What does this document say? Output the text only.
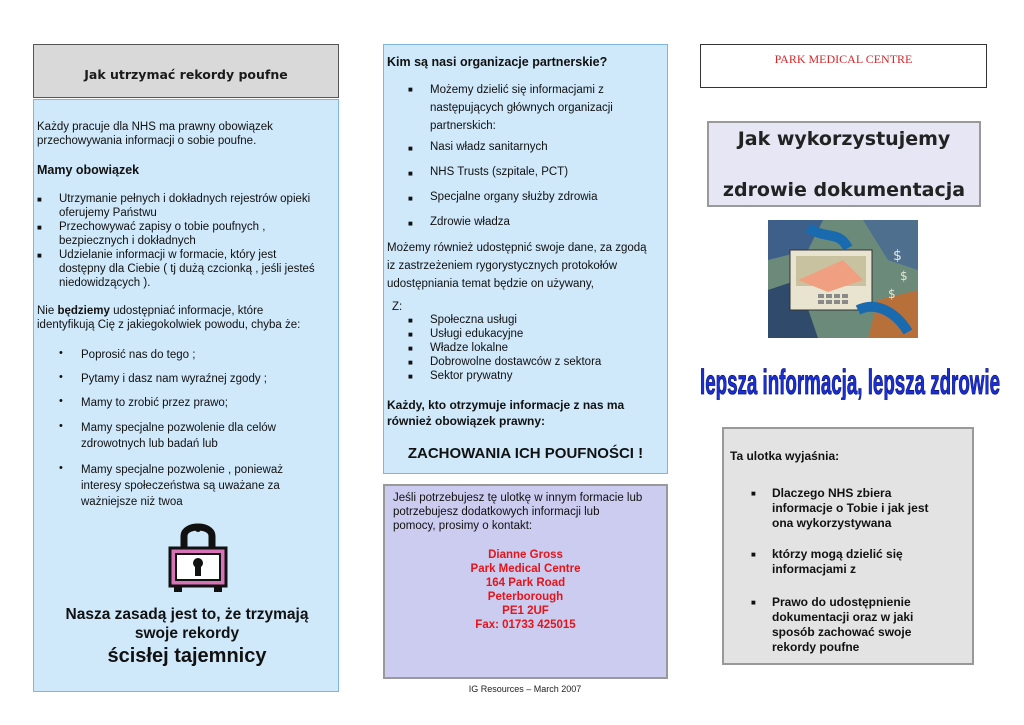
Jak utrzymać rekordy poufne
Każdy pracuje dla NHS ma prawny obowiązek
przechowywania informacji o sobie poufne.
Mamy obowiązek
■ Utrzymanie pełnych i dokładnych rejestrów opieki
oferujemy Państwu
■ Przechowywać zapisy o tobie poufnych ,
bezpiecznych i dokładnych
■ Udzielanie informacji w formacie, który jest
dostępny dla Ciebie ( tj dużą czcionką , jeśli jesteś
niedowidzących ).
Nie będziemy udostępniać informacje, które
identyfikują Cię z jakiegokolwiek powodu, chyba że:
• Poprosić nas do tego ;
• Pytamy i dasz nam wyraźnej zgody ;
• Mamy to zrobić przez prawo;
• Mamy specjalne pozwolenie dla celów
zdrowotnych lub badań lub
• Mamy specjalne pozwolenie , ponieważ
interesy społeczeństwa są uważane za
ważniejsze niż twoa
Nasza zasadą jest to, że trzymają
swoje rekordy
ścisłej tajemnicy
Kim są nasi organizacje partnerskie?
■ Możemy dzielić się informacjami z
następujących głównych organizacji
partnerskich:
■ Nasi władz sanitarnych
■ NHS Trusts (szpitale, PCT)
■ Specjalne organy służby zdrowia
■ Zdrowie władza
Możemy również udostępnić swoje dane, za zgodą
iz zastrzeżeniem rygorystycznych protokołów
udostępniania temat będzie on używany,
Z:
■ Społeczna usługi
■ Usługi edukacyjne
■ Władze lokalne
■ Dobrowolne dostawców z sektora
■ Sektor prywatny
Każdy, kto otrzymuje informacje z nas ma
również obowiązek prawny:
ZACHOWANIA ICH POUFNOŚCI !
Jeśli potrzebujesz tę ulotkę w innym formacie lub
potrzebujesz dodatkowych informacji lub
pomocy, prosimy o kontakt:
Dianne Gross
Park Medical Centre
164 Park Road
Peterborough
PE1 2UF
Fax: 01733 425015
IG Resources – March 2007
PARK MEDICAL CENTRE
Jak wykorzystujemy
zdrowie dokumentacja
$
$
$
lepsza informacja, lepsza zdrowie
Ta ulotka wyjaśnia:
■ Dlaczego NHS zbiera
informacje o Tobie i jak jest
ona wykorzystywana
■ którzy mogą dzielić się
informacjami z
■ Prawo do udostępnienie
dokumentacji oraz w jaki
sposób zachować swoje
rekordy poufne
